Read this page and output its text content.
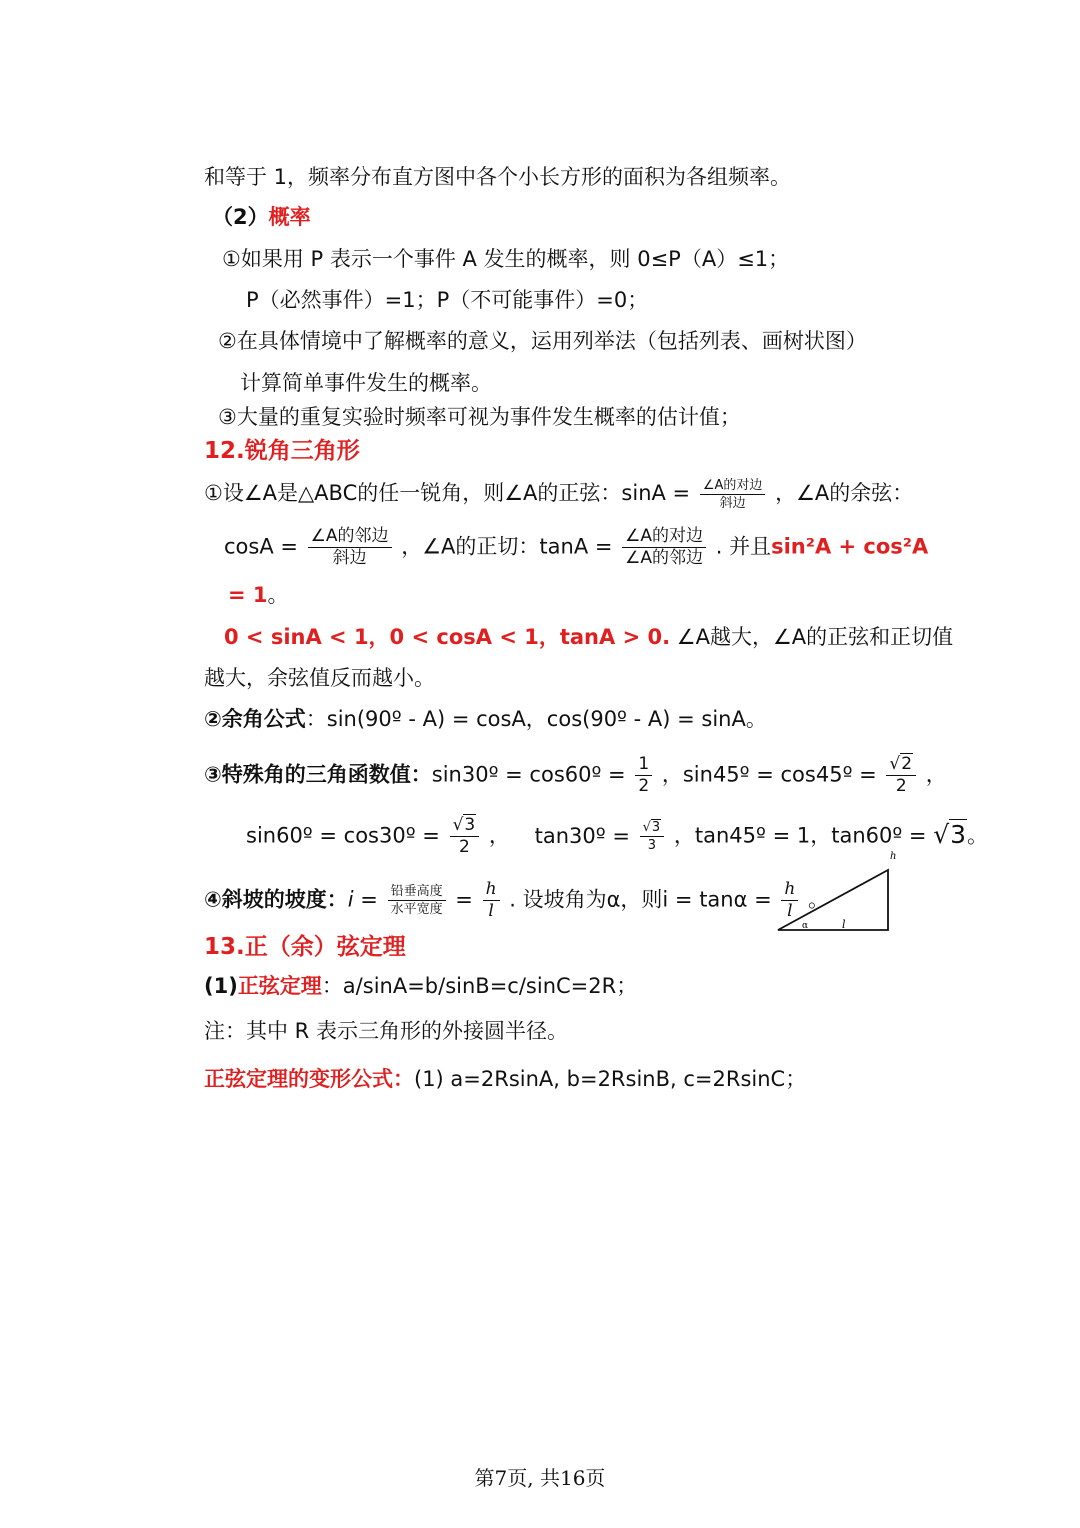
和等于 1，频率分布直方图中各个小长方形的面积为各组频率。
（2）概率
①如果用 P 表示一个事件 A 发生的概率，则 0≤P（A）≤1；
P（必然事件）=1；P（不可能事件）=0；
②在具体情境中了解概率的意义，运用列举法（包括列表、画树状图）
计算简单事件发生的概率。
③大量的重复实验时频率可视为事件发生概率的估计值；
12.锐角三角形
①设∠A是△ABC的任一锐角，则∠A的正弦：$\sin A = \frac{\text{∠A的对边}}{\text{斜边}}$ ，∠A的余弦：
$\cos A = \frac{\text{∠A的邻边}}{\text{斜边}}$ ，∠A的正切：$\tan A = \frac{\text{∠A的对边}}{\text{∠A的邻边}}$ . 并且sin²A + cos²A
= 1。
0 < sinA < 1，0 < cosA < 1，tanA > 0. ∠A越大，∠A的正弦和正切值
越大，余弦值反而越小。
②余角公式：sin(90º - A) = cosA，cos(90º - A) = sinA。
③特殊角的三角函数值：sin30º = cos60º = $\frac{1}{2}$ ，sin45º = cos45º = $\frac{√2}{2}$ ，
sin60º = cos30º = $\frac{√3}{2}$ ， tan30º = $\frac{√3}{3}$ ，tan45º = 1，tan60º = √3。
④斜坡的坡度：$i = \frac{\text{铅垂高度}}{\text{水平宽度}} = \frac{h}{l}$ . 设坡角为α，则$i = \tan\alpha = \frac{h}{l}$ 。
h
α	l
13.正（余）弦定理
(1)正弦定理：a/sinA=b/sinB=c/sinC=2R；
注：其中 R 表示三角形的外接圆半径。
正弦定理的变形公式：(1) a=2RsinA, b=2RsinB, c=2RsinC；
第7页, 共16页
